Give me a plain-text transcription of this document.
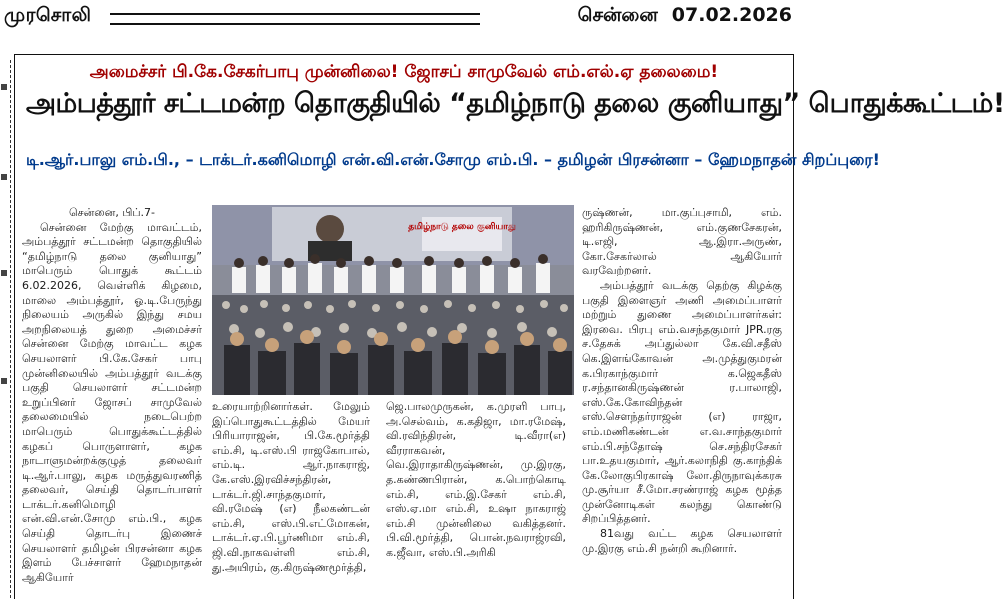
முரசொலி	சென்னை 07.02.2026
அமைச்சர் பி.கே.சேகர்பாபு முன்னிலை! ஜோசப் சாமுவேல் எம்.எல்.ஏ தலைமை!
அம்பத்தூர் சட்டமன்ற தொகுதியில் “தமிழ்நாடு தலை குனியாது” பொதுக்கூட்டம்!
டி.ஆர்.பாலு எம்.பி., – டாக்டர்.கனிமொழி என்.வி.என்.சோமு எம்.பி. – தமிழன் பிரசன்னா – ஹேமநாதன் சிறப்புரை!

சென்னை, பிப்.7-

சென்னை மேற்கு மாவட்டம், அம்பத்தூர் சட்டமன்ற தொகுதியில் “தமிழ்நாடு தலை குனியாது” மாபெரும் பொதுக் கூட்டம் 6.02.2026, வெள்ளிக் கிழமை, மாலை அம்பத்தூர், ஓ.டி.பேருந்து நிலையம் அருகில் இந்து சமய அறநிலையத் துறை அமைச்சர் சென்னை மேற்கு மாவட்ட கழக செயலாளர் பி.கே.சேகர் பாபு முன்னிலையில் அம்பத்தூர் வடக்கு பகுதி செயலாளர் சட்டமன்ற உறுப்பினர் ஜோசப் சாமுவேல் தலைமையில் நடைபெற்ற மாபெரும் பொதுக்கூட்டத்தில் கழகப் பொருளாளர், கழக நாடாளுமன்றக்குழுத் தலைவர் டி.ஆர்.பாலு, கழக மருத்துவரணித் தலைவர், செய்தி தொடர்பாளர் டாக்டர்.கனிமொழி என்.வி.என்.சோமு எம்.பி., கழக செய்தி தொடர்பு இணைச் செயலாளர் தமிழன் பிரசன்னா கழக இளம் பேச்சாளர் ஹேமநாதன் ஆகியோர்

தமிழ்நாடு தலை குனியாது

உரையாற்றினார்கள். மேலும் இப்பொதுகூட்டத்தில் மேயர் பிரியாராஜன், பி.கே.மூர்த்தி எம்.சி, டி.எஸ்.பி ராஜகோபால், எம்.டி. ஆர்.நாகராஜ், கே.எஸ்.இரவிச்சந்திரன், டாக்டர்.ஜி.சாந்தகுமார், வி.ரமேஷ் (எ) நீலகண்டன் எம்.சி, எஸ்.பி.எட்மோகன், டாக்டர்.ஏ.பி.பூர்ணிமா எம்.சி, ஜி.வி.நாகவள்ளி எம்.சி, து.அயிரம், கு.கிருஷ்ணமூர்த்தி,

ஜெ.பாலமுருகன், க.முரளி பாபு, அ.செல்வம், க.கதிஜா, மா.ரமேஷ், வி.ரவிந்திரன், டி.வீரா(எ) வீரராகவன், வெ.இராதாகிருஷ்ணன், மு.இரகு, த.கண்ணபிரான், க.பொற்கொடி எம்.சி, எம்.இ.சேகர் எம்.சி, எஸ்.ஏ.மா எம்.சி, உஷா நாகராஜ் எம்.சி முன்னிலை வகித்தனர். பி.வி.மூர்த்தி, பொன்.நவராஜ்ரவி, க.ஜீவா, எஸ்.பி.அரிகி

ருஷ்ணன், மா.குப்புசாமி, எம். ஹரிகிருஷ்ணன், எம்.குணசேகரன், டி.எஜி, ஆ.இரா.அருண், கோ.சேகர்லால் ஆகியோர் வரவேற்றனர்.

அம்பத்தூர் வடக்கு தெற்கு கிழக்கு பகுதி இளைஞர் அணி அமைப்பாளர் மற்றும் துணை அமைப்பாளர்கள்: இரவை. பிரபு எம்.வசந்தகுமார் JPR.ரகு ச.தேசுக் அப்துல்லா கே.வி.சதீஸ் கெ.இளங்கோவன் அ.முத்துகுமரன் க.பிரகாந்குமார் க.ஜெகதீஸ் ர.சந்தானகிருஷ்ணன் ர.பாலாஜி, எஸ்.கே.கோவிந்தன் எஸ்.சௌந்தர்ராஜன் (எ) ராஜா, எம்.மணிகண்டன் எ.வ.சாந்தகுமார் எம்.பி.சந்தோஷ் செ.சந்திரசேகர் பா.உதயகுமார், ஆர்.கலாநிதி கு.காந்திக் கே.லோகுபிரகாஷ் லோ.திருநாவுக்கரசு மு.சூர்யா சீ.மோ.சரண்ராஜ் கழக மூத்த முன்னோடிகள் கலந்து கொண்டு சிறப்பித்தனர்.

81வது வட்ட கழக செயலாளர் மு.இரகு எம்.சி நன்றி கூறினார்.
